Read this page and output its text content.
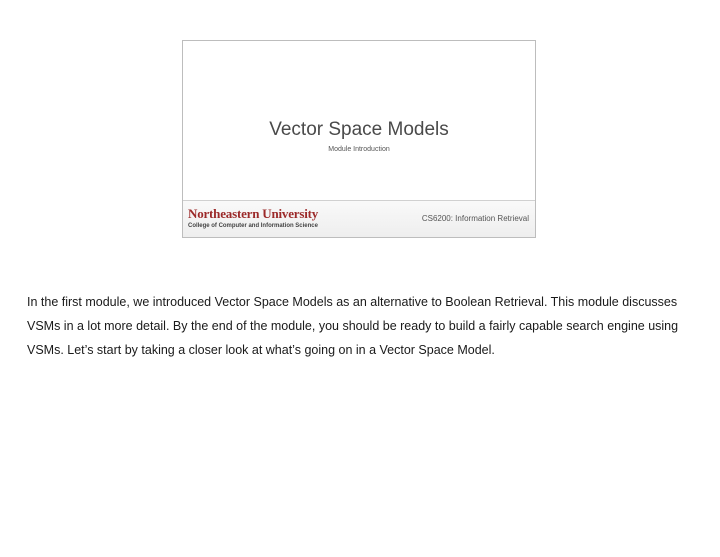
Vector Space Models
Module Introduction
Northeastern University
College of Computer and Information Science
CS6200: Information Retrieval

In the first module, we introduced Vector Space Models as an alternative to Boolean Retrieval. This module discusses VSMs in a lot more detail. By the end of the module, you should be ready to build a fairly capable search engine using VSMs. Let’s start by taking a closer look at what’s going on in a Vector Space Model.
